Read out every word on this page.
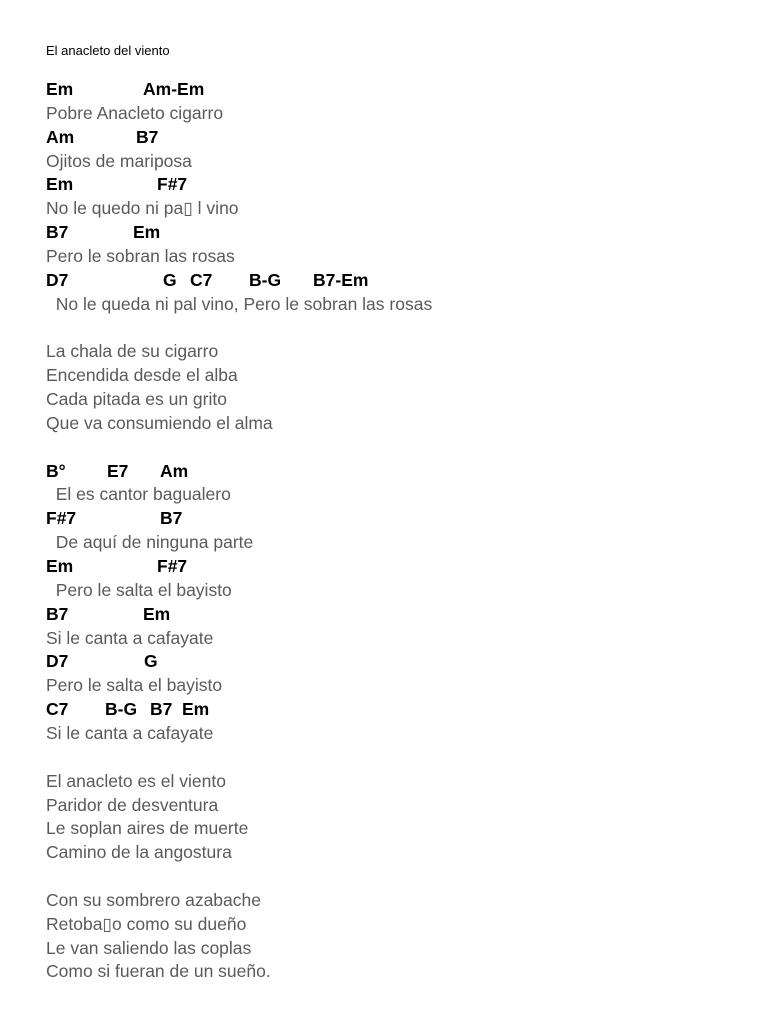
El anacleto del viento
Em	Am-Em
Pobre Anacleto cigarro
Am	B7
Ojitos de mariposa
Em	F#7
No le quedo ni pa▯ l vino
B7	Em
Pero le sobran las rosas
D7	G C7 B-G B7-Em
No le queda ni pal vino, Pero le sobran las rosas
La chala de su cigarro
Encendida desde el alba
Cada pitada es un grito
Que va consumiendo el alma
B° E7 Am
El es cantor bagualero
F#7	B7
De aquí de ninguna parte
Em	F#7
Pero le salta el bayisto
B7	Em
Si le canta a cafayate
D7	G
Pero le salta el bayisto
C7 B-G B7 Em
Si le canta a cafayate
El anacleto es el viento
Paridor de desventura
Le soplan aires de muerte
Camino de la angostura
Con su sombrero azabache
Retoba▯o como su dueño
Le van saliendo las coplas
Como si fueran de un sueño.
